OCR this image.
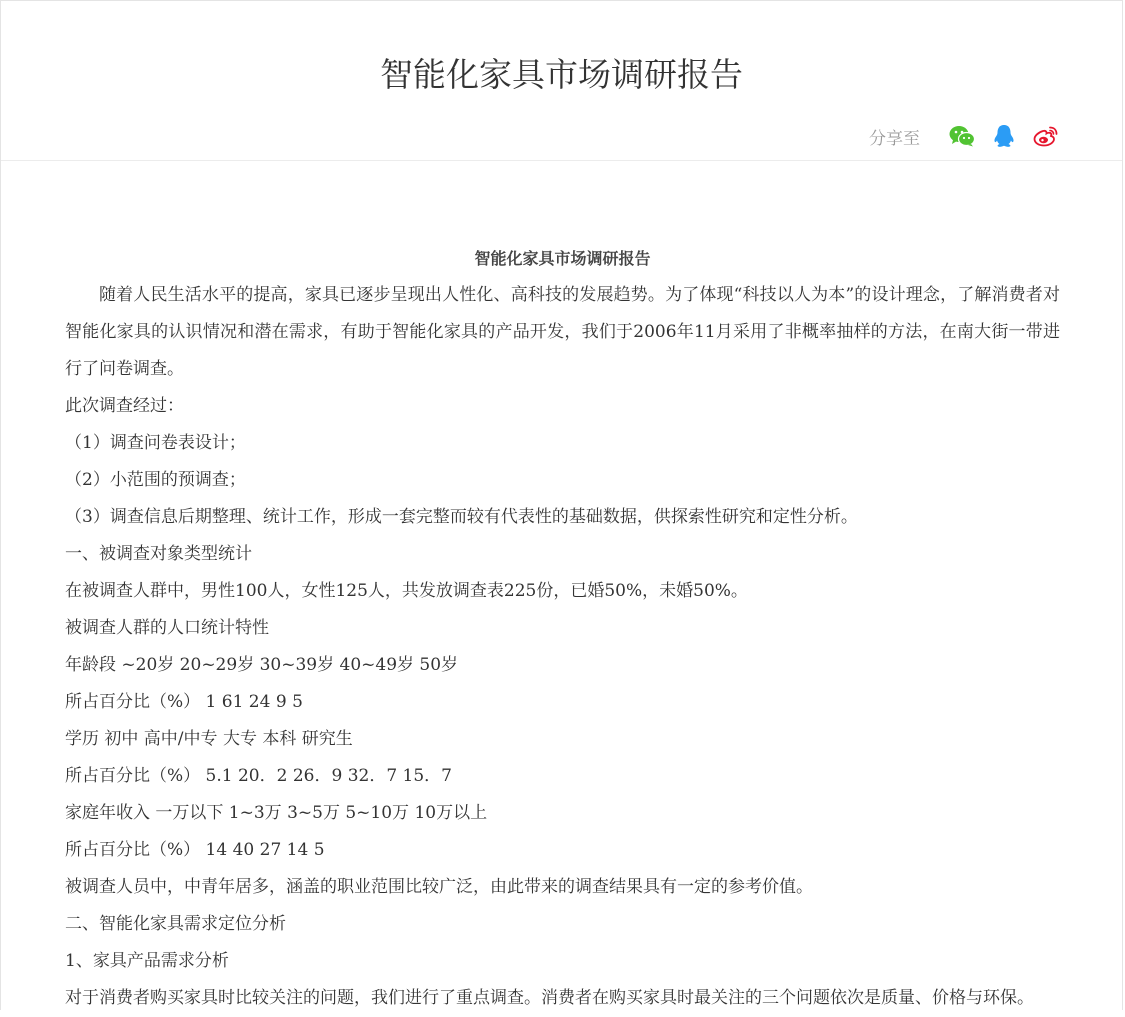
智能化家具市场调研报告
分享至

智能化家具市场调研报告

随着人民生活水平的提高，家具已逐步呈现出人性化、高科技的发展趋势。为了体现“科技以人为本”的设计理念，了解消费者对智能化家具的认识情况和潜在需求，有助于智能化家具的产品开发，我们于2006年11月采用了非概率抽样的方法，在南大街一带进行了问卷调查。

此次调查经过：

（1）调查问卷表设计；

（2）小范围的预调查；

（3）调查信息后期整理、统计工作，形成一套完整而较有代表性的基础数据，供探索性研究和定性分析。

一、被调查对象类型统计

在被调查人群中，男性100人，女性125人，共发放调查表225份，已婚50%，未婚50%。

被调查人群的人口统计特性

年龄段 ~20岁 20~29岁 30~39岁 40~49岁 50岁

所占百分比（%） 1 61 24 9 5

学历 初中 高中/中专 大专 本科 研究生

所占百分比（%） 5.1 20．2 26．9 32．7 15．7

家庭年收入 一万以下 1~3万 3~5万 5~10万 10万以上

所占百分比（%） 14 40 27 14 5

被调查人员中，中青年居多，涵盖的职业范围比较广泛，由此带来的调查结果具有一定的参考价值。

二、智能化家具需求定位分析

1、家具产品需求分析

对于消费者购买家具时比较关注的问题，我们进行了重点调查。消费者在购买家具时最关注的三个问题依次是质量、价格与环保。
